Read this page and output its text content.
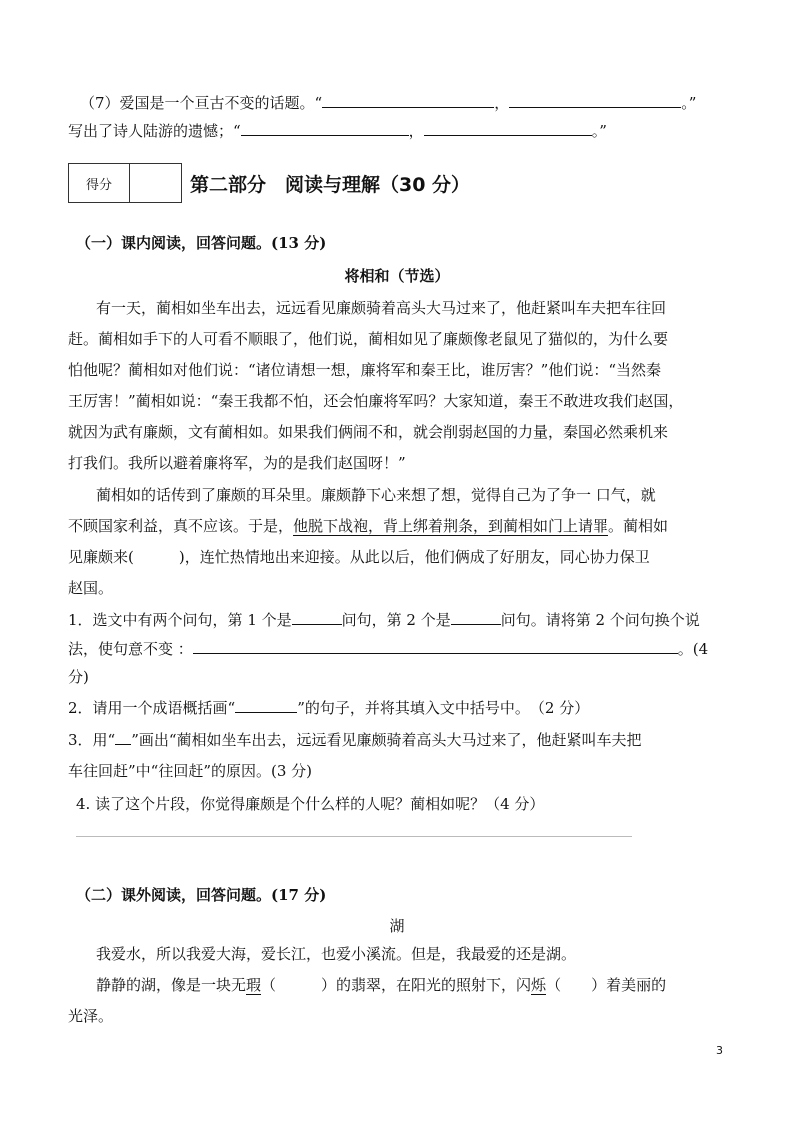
（7）爱国是一个亘古不变的话题。“	，	。”
写出了诗人陆游的遗憾；“	，	。”
得分	第二部分　阅读与理解（30 分）
（一）课内阅读，回答问题。(13 分)
将相和（节选）
有一天，蔺相如坐车出去，远远看见廉颇骑着高头大马过来了，他赶紧叫车夫把车往回
赶。蔺相如手下的人可看不顺眼了，他们说，蔺相如见了廉颇像老鼠见了猫似的，为什么要
怕他呢？蔺相如对他们说：“诸位请想一想，廉将军和秦王比，谁厉害？”他们说：“当然秦
王厉害！”蔺相如说：“秦王我都不怕，还会怕廉将军吗？大家知道，秦王不敢进攻我们赵国，
就因为武有廉颇，文有蔺相如。如果我们俩闹不和，就会削弱赵国的力量，秦国必然乘机来
打我们。我所以避着廉将军，为的是我们赵国呀！”
蔺相如的话传到了廉颇的耳朵里。廉颇静下心来想了想，觉得自己为了争一 口气，就
不顾国家利益，真不应该。于是，他脱下战袍，背上绑着荆条，到蔺相如门上请罪。蔺相如
见廉颇来(　　　)，连忙热情地出来迎接。从此以后，他们俩成了好朋友，同心协力保卫
赵国。
1．选文中有两个问句，第 1 个是	问句，第 2 个是	问句。请将第 2 个问句换个说
法，使句意不变 ：	。(4
分)
2．请用一个成语概括画“	”的句子，并将其填入文中括号中。　（2 分）
3．用“ ”画出“蔺相如坐车出去，远远看见廉颇骑着高头大马过来了，他赶紧叫车夫把
车往回赶”中“往回赶”的原因。(3 分)
4. 读了这个片段，你觉得廉颇是个什么样的人呢？蔺相如呢？（4 分）
（二）课外阅读，回答问题。(17 分)
湖
我爱水，所以我爱大海，爱长江，也爱小溪流。但是，我最爱的还是湖。
静静的湖，像是一块无瑕（　　　）的翡翠，在阳光的照射下，闪烁（　　）着美丽的
光泽。
3
